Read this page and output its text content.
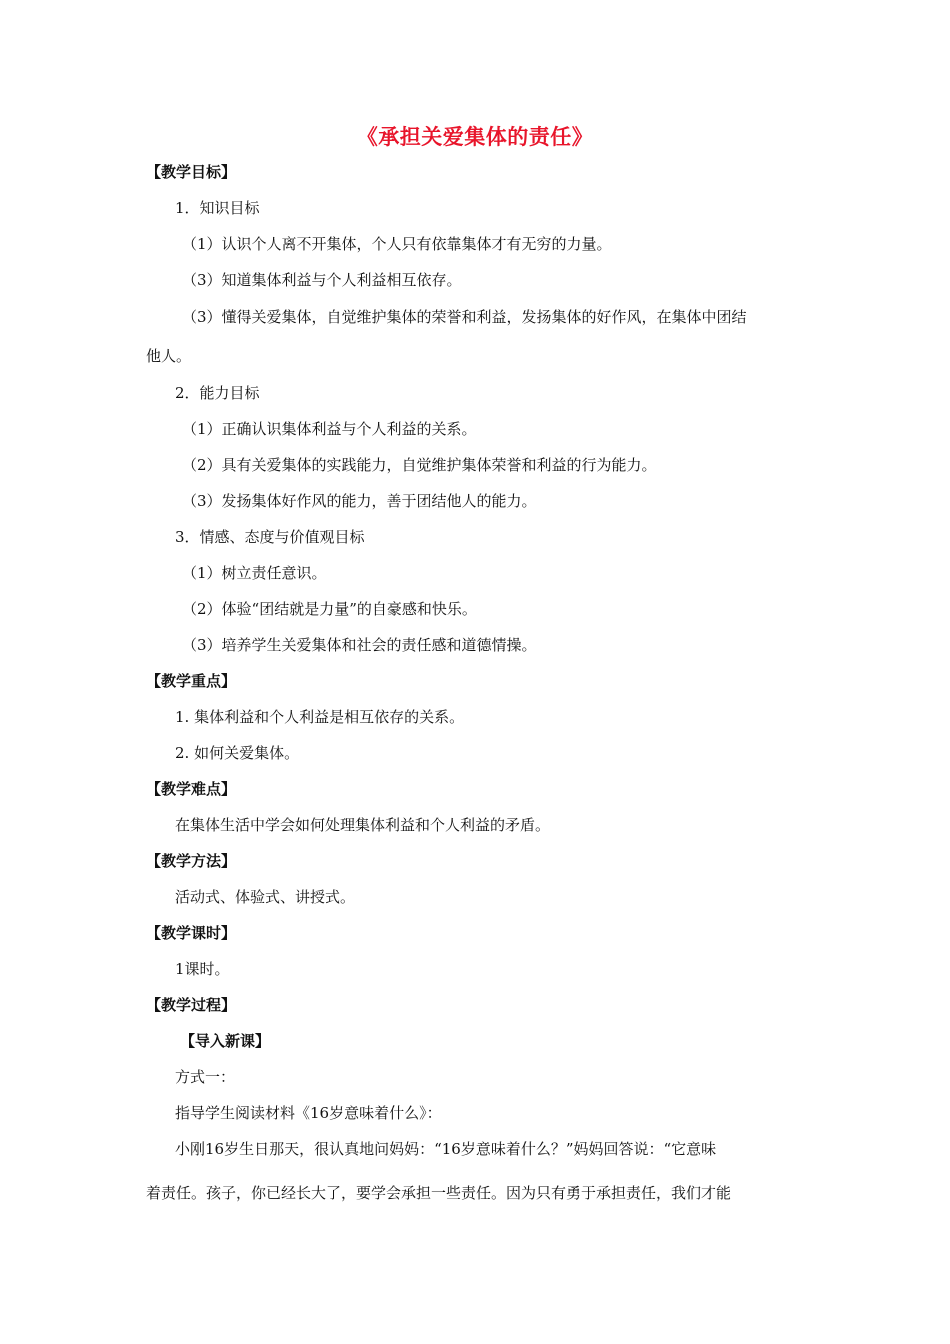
《承担关爱集体的责任》
【教学目标】
1．知识目标
（1）认识个人离不开集体，个人只有依靠集体才有无穷的力量。
（3）知道集体利益与个人利益相互依存。
（3）懂得关爱集体，自觉维护集体的荣誉和利益，发扬集体的好作风，在集体中团结
他人。
2．能力目标
（1）正确认识集体利益与个人利益的关系。
（2）具有关爱集体的实践能力，自觉维护集体荣誉和利益的行为能力。
（3）发扬集体好作风的能力，善于团结他人的能力。
3．情感、态度与价值观目标
（1）树立责任意识。
（2）体验“团结就是力量”的自豪感和快乐。
（3）培养学生关爱集体和社会的责任感和道德情操。
【教学重点】
1. 集体利益和个人利益是相互依存的关系。
2. 如何关爱集体。
【教学难点】
在集体生活中学会如何处理集体利益和个人利益的矛盾。
【教学方法】
活动式、体验式、讲授式。
【教学课时】
1课时。
【教学过程】
【导入新课】
方式一：
指导学生阅读材料《16岁意味着什么》：
小刚16岁生日那天，很认真地问妈妈：“16岁意味着什么？”妈妈回答说：“它意味
着责任。孩子，你已经长大了，要学会承担一些责任。因为只有勇于承担责任，我们才能
